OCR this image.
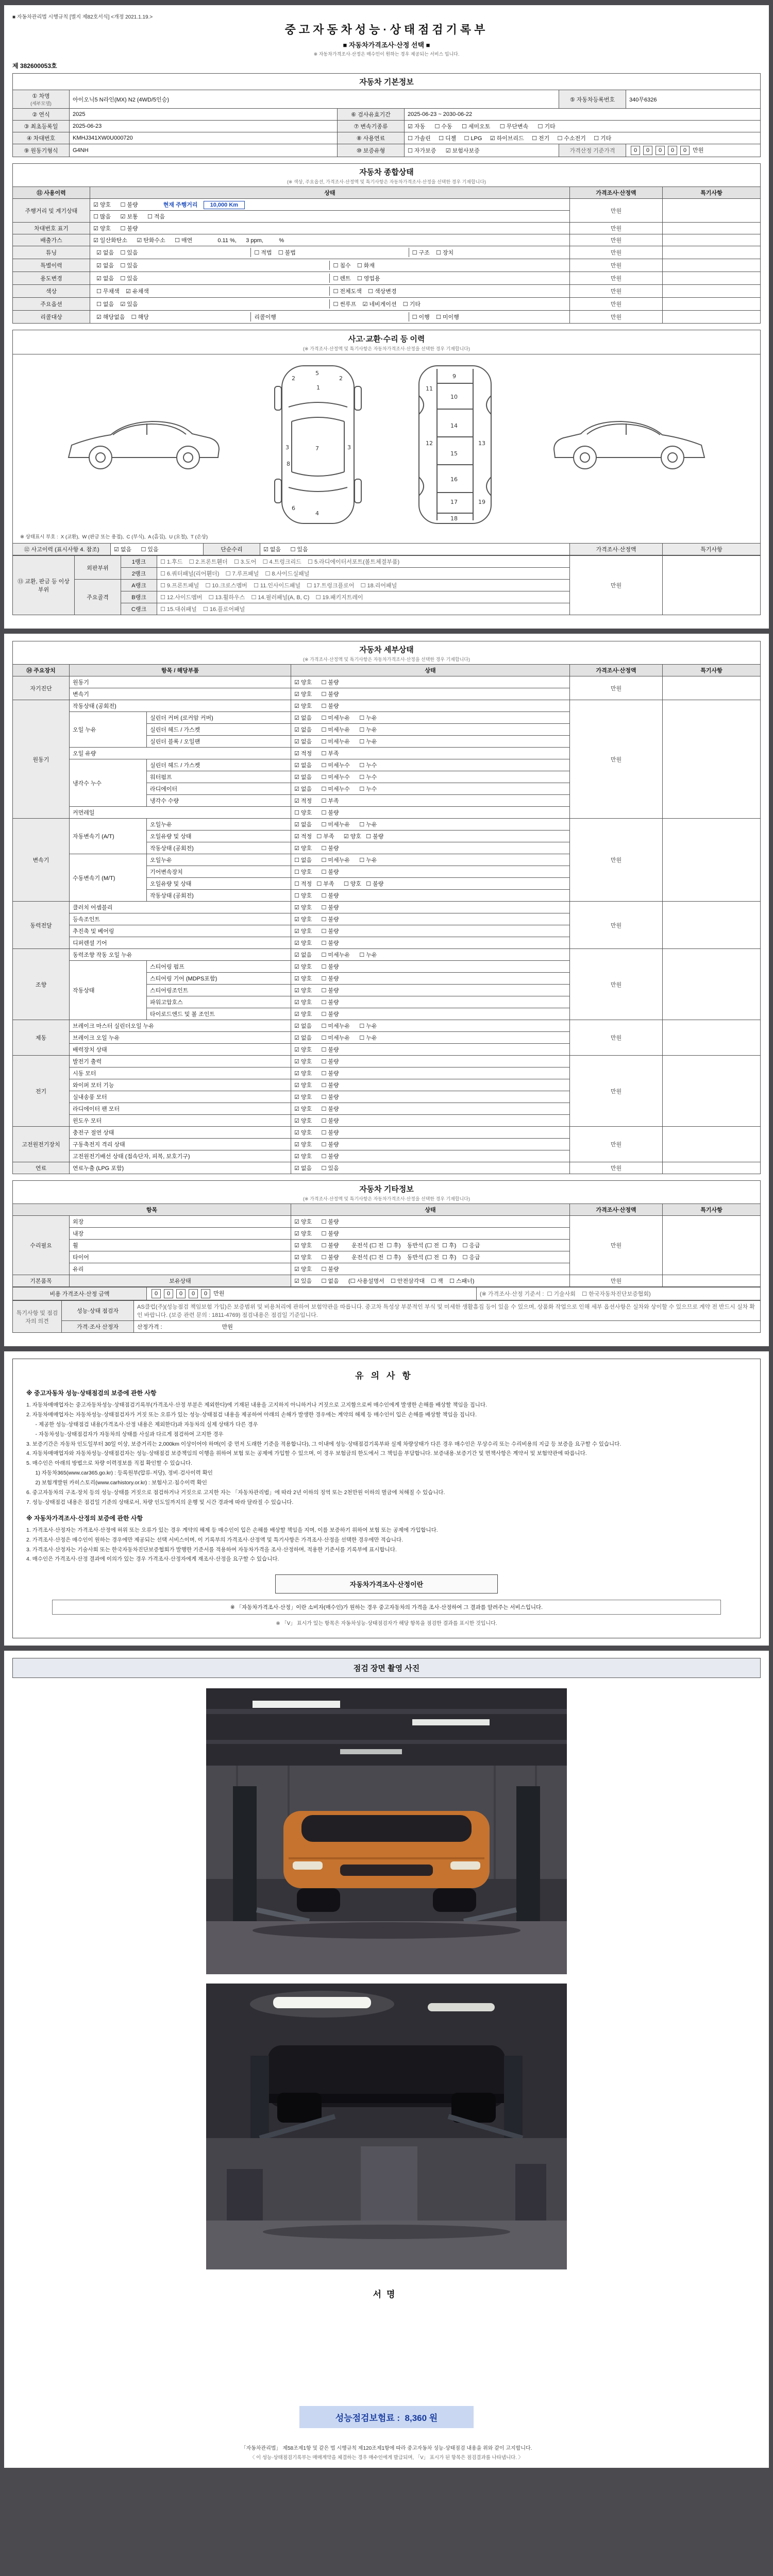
■ 자동차관리법 시행규칙 [별지 제82호서식] <개정 2021.1.19.>
중고자동차성능·상태점검기록부
■ 자동차가격조사·산정 선택 ■
※ 자동차가격조사·산정은 매수인이 원하는 경우 제공되는 서비스 입니다.
제 382600053호
자동차 기본정보					

① 차명
(세부모델)	아이오닉5 N라인(MX) N2 (4WD/5인승)			⑤ 자동차등록번호	340무6326
② 연식	2025	⑥ 검사유효기간	2025-06-23 ~ 2030-06-22		
③ 최초등록일	2025-06-23	⑦ 변속기종류	☑ 자동      ☐ 수동      ☐ 세미오토      ☐ 무단변속      ☐ 기타		
④ 차대번호	KMHJ341XW0U000720	⑧ 사용연료	☐ 가솔린     ☐ 디젤     ☐ LPG     ☑ 하이브리드     ☐ 전기     ☐ 수소전기     ☐ 기타		
⑨ 원동기형식	G4NH	⑩ 보증유형	☐ 자가보증      ☑ 보험사보증	가격산정 기준가격	0 0 0 0 0 만원
자동차 종합상태
(※ 색상, 주요옵션, 가격조사·산정액 및 특기사항은 자동차가격조사·산정을 선택한 경우 기재합니다)			

⑪ 사용이력	상태	가격조사·산정액	특기사항
주행거리 및 계기상태	☑ 양호      ☐ 불량 현재 주행거리 10,000 Km	만원	
	☐ 많음      ☑ 보통      ☐ 적음		
차대번호 표기	☑ 양호      ☐ 불량	만원	
배출가스	☑ 일산화탄소      ☑ 탄화수소      ☐ 매연 0.11 %,      3 ppm,          %	만원	
튜닝	☑ 없음    ☐ 있음 ☐ 적법    ☐ 불법 ☐ 구조    ☐ 장치	만원	
특별이력	☑ 없음    ☐ 있음 ☐ 침수    ☐ 화재	만원	
용도변경	☑ 없음    ☐ 있음 ☐ 렌트    ☐ 영업용	만원	
색상	☐ 무채색    ☑ 유채색 ☐ 전체도색    ☐ 색상변경	만원	
주요옵션	☐ 없음    ☑ 있음 ☐ 썬루프    ☑ 네비게이션    ☐ 기타	만원	
리콜대상	☑ 해당없음    ☐ 해당 리콜이행 ☐ 이행    ☐ 미이행	만원	
사고·교환·수리 등 이력
(※ 가격조사·산정액 및 특기사항은 자동차가격조사·산정을 선택한 경우 기재합니다)
1
2	2
3	3
4
5
6
7
8
9
10
11
12	13
14
15
16
17
18
19
※ 상태표시 부호 :  X (교환),  W (판금 또는 용접),  C (부식),  A (흠집),  U (요철),  T (손상)
⑫ 사고이력 (표시사항 4. 참조)	☑ 없음      ☐ 있음	단순수리	☑ 없음      ☐ 있음	가격조사·산정액	특기사항
⑬ 교환, 판금 등 이상 부위	외판부위	1랭크	☐ 1.후드    ☐ 2.프론트휀더    ☐ 3.도어    ☐ 4.트렁크리드    ☐ 5.라디에이터서포트(볼트체결부품)	만원	
		2랭크	☐ 6.쿼터패널(리어휀더)    ☐ 7.루프패널    ☐ 8.사이드실패널		
	주요골격	A랭크	☐ 9.프론트패널    ☐ 10.크로스멤버    ☐ 11.인사이드패널    ☐ 17.트렁크플로어    ☐ 18.리어패널		
		B랭크	☐ 12.사이드멤버    ☐ 13.휠하우스    ☐ 14.필러패널(A, B, C)    ☐ 19.패키지트레이		
		C랭크	☐ 15.대쉬패널    ☐ 16.플로어패널		
자동차 세부상태
(※ 가격조사·산정액 및 특기사항은 자동차가격조사·산정을 선택한 경우 기재합니다)					

⑭ 주요장치	항목 / 해당부품		상태	가격조사·산정액	특기사항
자기진단	원동기		☑ 양호      ☐ 불량	만원	
	변속기		☑ 양호      ☐ 불량		
원동기	작동상태 (공회전)		☑ 양호      ☐ 불량	만원	
	오일 누유	실린더 커버 (로커암 커버)	☑ 없음      ☐ 미세누유      ☐ 누유		
		실린더 헤드 / 가스켓	☑ 없음      ☐ 미세누유      ☐ 누유		
		실린더 블록 / 오일팬	☑ 없음      ☐ 미세누유      ☐ 누유		
	오일 유량		☑ 적정      ☐ 부족		
	냉각수 누수	실린더 헤드 / 가스켓	☑ 없음      ☐ 미세누수      ☐ 누수		
		워터펌프	☑ 없음      ☐ 미세누수      ☐ 누수		
		라디에이터	☑ 없음      ☐ 미세누수      ☐ 누수		
		냉각수 수량	☑ 적정      ☐ 부족		
	커먼레일		☐ 양호      ☐ 불량		
변속기	자동변속기 (A/T)	오일누유	☑ 없음      ☐ 미세누유      ☐ 누유	만원	
		오일유량 및 상태	☑ 적정   ☐ 부족      ☑ 양호   ☐ 불량		
		작동상태 (공회전)	☑ 양호      ☐ 불량		
	수동변속기 (M/T)	오일누유	☐ 없음      ☐ 미세누유      ☐ 누유		
		기어변속장치	☐ 양호      ☐ 불량		
		오일유량 및 상태	☐ 적정   ☐ 부족      ☐ 양호   ☐ 불량		
		작동상태 (공회전)	☐ 양호      ☐ 불량		
동력전달	클러치 어셈블리		☑ 양호      ☐ 불량	만원	
	등속조인트		☑ 양호      ☐ 불량		
	추진축 및 베어링		☑ 양호      ☐ 불량		
	디퍼렌셜 기어		☑ 양호      ☐ 불량		
조향	동력조향 작동 오일 누유		☑ 없음      ☐ 미세누유      ☐ 누유	만원	
	작동상태	스티어링 펌프	☑ 양호      ☐ 불량		
		스티어링 기어 (MDPS포함)	☑ 양호      ☐ 불량		
		스티어링조인트	☑ 양호      ☐ 불량		
		파워고압호스	☑ 양호      ☐ 불량		
		타이로드엔드 및 볼 조인트	☑ 양호      ☐ 불량		
제동	브레이크 마스터 실린더오일 누유		☑ 없음      ☐ 미세누유      ☐ 누유	만원	
	브레이크 오일 누유		☑ 없음      ☐ 미세누유      ☐ 누유		
	배력장치 상태		☑ 양호      ☐ 불량		
전기	발전기 출력		☑ 양호      ☐ 불량	만원	
	시동 모터		☑ 양호      ☐ 불량		
	와이퍼 모터 기능		☑ 양호      ☐ 불량		
	실내송풍 모터		☑ 양호      ☐ 불량		
	라디에이터 팬 모터		☑ 양호      ☐ 불량		
	윈도우 모터		☑ 양호      ☐ 불량		
고전원전기장치	충전구 절연 상태		☑ 양호      ☐ 불량	만원	
	구동축전지 격리 상태		☑ 양호      ☐ 불량		
	고전원전기배선 상태 (접속단자, 피복, 보호기구)		☑ 양호      ☐ 불량		
연료	연료누출 (LPG 포함)		☑ 없음      ☐ 있음	만원	
자동차 기타정보
(※ 가격조사·산정액 및 특기사항은 자동차가격조사·산정을 선택한 경우 기재합니다)				

항목		상태	가격조사·산정액	특기사항
수리필요	외장	☑ 양호      ☐ 불량	만원	
	내장	☑ 양호      ☐ 불량		
	휠	☑ 양호      ☐ 불량        운전석 (☐ 전  ☐ 후)    동반석 (☐ 전  ☐ 후)    ☐ 응급		
	타이어	☑ 양호      ☐ 불량        운전석 (☐ 전  ☐ 후)    동반석 (☐ 전  ☐ 후)    ☐ 응급		
	유리	☑ 양호      ☐ 불량		
기본품목	보유상태	☑ 있음      ☐ 없음      (☐ 사용설명서    ☐ 안전삼각대    ☐ 잭    ☐ 스패너)	만원	
비용 가격조사·산정 금액	0 0 0 0 0 만원	(※ 가격조사·산정 기준서 :  ☐ 기술사회    ☐ 한국자동차진단보증협회)
특기사항 및 점검자의 의견	성능·상태 점검자	AS클럽(주)(성능점검 책임보험 가입)은 보증범위 및 비용처리에 관하여 보험약관을 따릅니다. 중고차 특성상 부분적인 부식 및 미세한 생활흠집 등이 있을 수 있으며, 상품화 작업으로 인해 세부 옵션사항은 실차와 상이할 수 있으므로 계약 전 반드시 실차 확인 바랍니다. (보증 관련 문의 : 1811-4769) 점검내용은 점검일 기준입니다.
	가격·조사 산정자	산정가격 :                                      만원
유의사항
※ 중고자동차 성능·상태점검의 보증에 관한 사항
1. 자동차매매업자는 중고자동차성능·상태점검기록부(가격조사·산정 부분은 제외한다)에 기재된 내용을 고지하지 아니하거나 거짓으로 고지함으로써 매수인에게 발생한 손해를 배상할 책임을 집니다.
2. 자동차매매업자는 자동차성능·상태점검자가 거짓 또는 오류가 있는 성능·상태점검 내용을 제공하여 아래의 손해가 발생한 경우에는 계약의 해제 등 매수인이 입은 손해를 배상할 책임을 집니다.
- 제공한 성능·상태점검 내용(가격조사·산정 내용은 제외한다)과 자동차의 실제 상태가 다른 경우
- 자동차성능·상태점검자가 자동차의 상태를 사실과 다르게 점검하여 고지한 경우
3. 보증기간은 자동차 인도일부터 30일 이상, 보증거리는 2,000km 이상이어야 하며(이 중 먼저 도래한 기준을 적용합니다), 그 이내에 성능·상태점검기록부와 실제 차량상태가 다른 경우 매수인은 무상수리 또는 수리비용의 지급 등 보증을 요구할 수 있습니다.
4. 자동차매매업자와 자동차성능·상태점검자는 성능·상태점검 보증책임의 이행을 위하여 보험 또는 공제에 가입할 수 있으며, 이 경우 보험금의 한도에서 그 책임을 부담합니다. 보증내용·보증기간 및 면책사항은 계약서 및 보험약관에 따릅니다.
5. 매수인은 아래의 방법으로 차량 이력정보를 직접 확인할 수 있습니다.
1) 자동차365(www.car365.go.kr) : 등록원부(압류·저당), 정비·검사이력 확인
2) 보험개발원 카히스토리(www.carhistory.or.kr) : 보험사고·침수이력 확인
6. 중고자동차의 구조·장치 등의 성능·상태를 거짓으로 점검하거나 거짓으로 고지한 자는 「자동차관리법」에 따라 2년 이하의 징역 또는 2천만원 이하의 벌금에 처해질 수 있습니다.
7. 성능·상태점검 내용은 점검일 기준의 상태로서, 차량 인도일까지의 운행 및 시간 경과에 따라 달라질 수 있습니다.
※ 자동차가격조사·산정의 보증에 관한 사항
1. 가격조사·산정자는 가격조사·산정에 허위 또는 오류가 있는 경우 계약의 해제 등 매수인이 입은 손해를 배상할 책임을 지며, 이를 보증하기 위하여 보험 또는 공제에 가입합니다.
2. 가격조사·산정은 매수인이 원하는 경우에만 제공되는 선택 서비스이며, 이 기록부의 가격조사·산정액 및 특기사항은 가격조사·산정을 선택한 경우에만 적습니다.
3. 가격조사·산정자는 기술사회 또는 한국자동차진단보증협회가 발행한 기준서를 적용하여 자동차가격을 조사·산정하며, 적용한 기준서를 기록부에 표시합니다.
4. 매수인은 가격조사·산정 결과에 이의가 있는 경우 가격조사·산정자에게 재조사·산정을 요구할 수 있습니다.
자동차가격조사·산정이란
※ 「자동차가격조사·산정」이란 소비자(매수인)가 원하는 경우 중고자동차의 가격을 조사·산정하여 그 결과를 알려주는 서비스입니다.
※ 「V」 표시가 있는 항목은 자동차성능·상태점검자가 해당 항목을 점검한 결과를 표시한 것입니다.
점검 장면 촬영 사진
서명
성능점검보험료 :  8,360 원
「자동차관리법」 제58조제1항 및 같은 법 시행규칙 제120조제1항에 따라 중고자동차 성능·상태점검 내용을 위와 같이 고지합니다.
〈 이 성능·상태점검기록부는 매매계약을 체결하는 경우 매수인에게 발급되며, 「V」 표시가 된 항목은 점검결과를 나타냅니다. 〉
